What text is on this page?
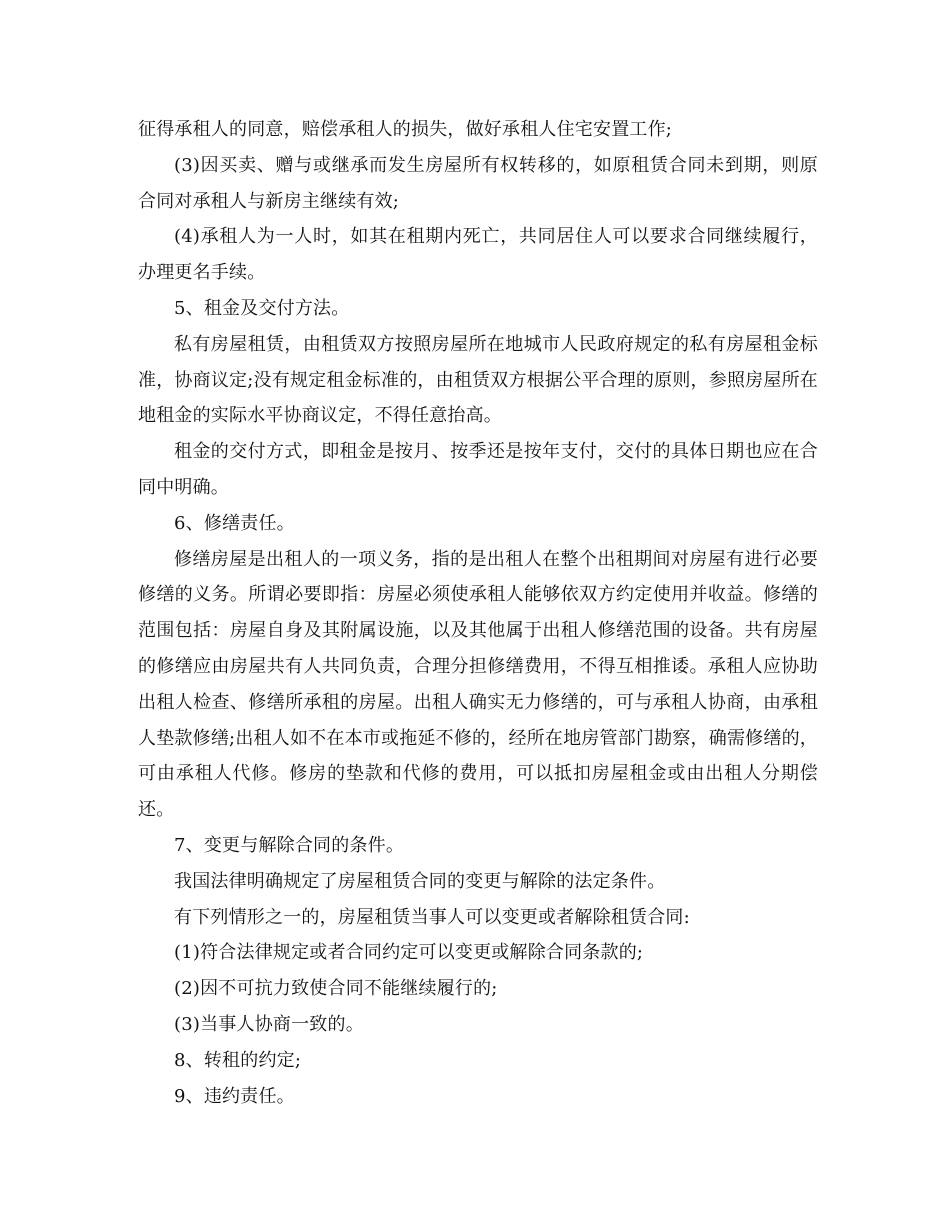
征得承租人的同意，赔偿承租人的损失，做好承租人住宅安置工作;

(3)因买卖、赠与或继承而发生房屋所有权转移的，如原租赁合同未到期，则原合同对承租人与新房主继续有效;

(4)承租人为一人时，如其在租期内死亡，共同居住人可以要求合同继续履行，办理更名手续。

5、租金及交付方法。

私有房屋租赁，由租赁双方按照房屋所在地城市人民政府规定的私有房屋租金标准，协商议定;没有规定租金标准的，由租赁双方根据公平合理的原则，参照房屋所在地租金的实际水平协商议定，不得任意抬高。

租金的交付方式，即租金是按月、按季还是按年支付，交付的具体日期也应在合同中明确。

6、修缮责任。

修缮房屋是出租人的一项义务，指的是出租人在整个出租期间对房屋有进行必要修缮的义务。所谓必要即指：房屋必须使承租人能够依双方约定使用并收益。修缮的范围包括：房屋自身及其附属设施，以及其他属于出租人修缮范围的设备。共有房屋的修缮应由房屋共有人共同负责，合理分担修缮费用，不得互相推诿。承租人应协助出租人检查、修缮所承租的房屋。出租人确实无力修缮的，可与承租人协商，由承租人垫款修缮;出租人如不在本市或拖延不修的，经所在地房管部门勘察，确需修缮的，可由承租人代修。修房的垫款和代修的费用，可以抵扣房屋租金或由出租人分期偿还。

7、变更与解除合同的条件。

我国法律明确规定了房屋租赁合同的变更与解除的法定条件。

有下列情形之一的，房屋租赁当事人可以变更或者解除租赁合同:

(1)符合法律规定或者合同约定可以变更或解除合同条款的;

(2)因不可抗力致使合同不能继续履行的;

(3)当事人协商一致的。

8、转租的约定;

9、违约责任。
